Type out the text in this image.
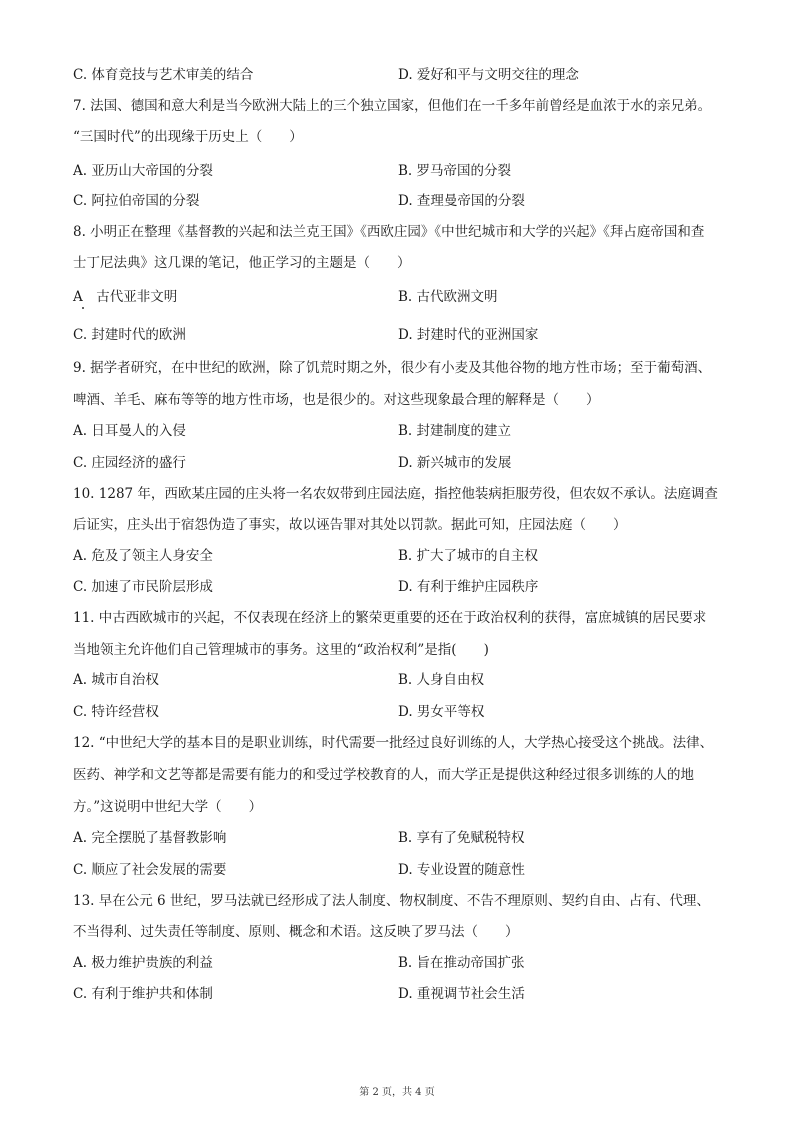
第 2 页，共 4 页
C. 体育竞技与艺术审美的结合	D. 爱好和平与文明交往的理念
7. 法国、德国和意大利是当今欧洲大陆上的三个独立国家，但他们在一千多年前曾经是血浓于水的亲兄弟。
“三国时代”的出现缘于历史上（　　）
A. 亚历山大帝国的分裂	B. 罗马帝国的分裂
C. 阿拉伯帝国的分裂	D. 查理曼帝国的分裂
8. 小明正在整理《基督教的兴起和法兰克王国》《西欧庄园》《中世纪城市和大学的兴起》《拜占庭帝国和查
士丁尼法典》这几课的笔记，他正学习的主题是（　　）
A　古代亚非文明	B. 古代欧洲文明
C. 封建时代的欧洲	D. 封建时代的亚洲国家
9. 据学者研究，在中世纪的欧洲，除了饥荒时期之外，很少有小麦及其他谷物的地方性市场；至于葡萄酒、
啤酒、羊毛、麻布等等的地方性市场，也是很少的。对这些现象最合理的解释是（　　）
A. 日耳曼人的入侵	B. 封建制度的建立
C. 庄园经济的盛行	D. 新兴城市的发展
10. 1287 年，西欧某庄园的庄头将一名农奴带到庄园法庭，指控他装病拒服劳役，但农奴不承认。法庭调查
后证实，庄头出于宿怨伪造了事实，故以诬告罪对其处以罚款。据此可知，庄园法庭（　　）
A. 危及了领主人身安全	B. 扩大了城市的自主权
C. 加速了市民阶层形成	D. 有利于维护庄园秩序
11. 中古西欧城市的兴起，不仅表现在经济上的繁荣更重要的还在于政治权利的获得，富庶城镇的居民要求
当地领主允许他们自己管理城市的事务。这里的“政治权利”是指(　　)
A. 城市自治权	B. 人身自由权
C. 特许经营权	D. 男女平等权
12. “中世纪大学的基本目的是职业训练，时代需要一批经过良好训练的人，大学热心接受这个挑战。法律、
医药、神学和文艺等都是需要有能力的和受过学校教育的人，而大学正是提供这种经过很多训练的人的地
方。”这说明中世纪大学（　　）
A. 完全摆脱了基督教影响	B. 享有了免赋税特权
C. 顺应了社会发展的需要	D. 专业设置的随意性
13. 早在公元 6 世纪，罗马法就已经形成了法人制度、物权制度、不告不理原则、契约自由、占有、代理、
不当得利、过失责任等制度、原则、概念和术语。这反映了罗马法（　　）
A. 极力维护贵族的利益	B. 旨在推动帝国扩张
C. 有利于维护共和体制	D. 重视调节社会生活
